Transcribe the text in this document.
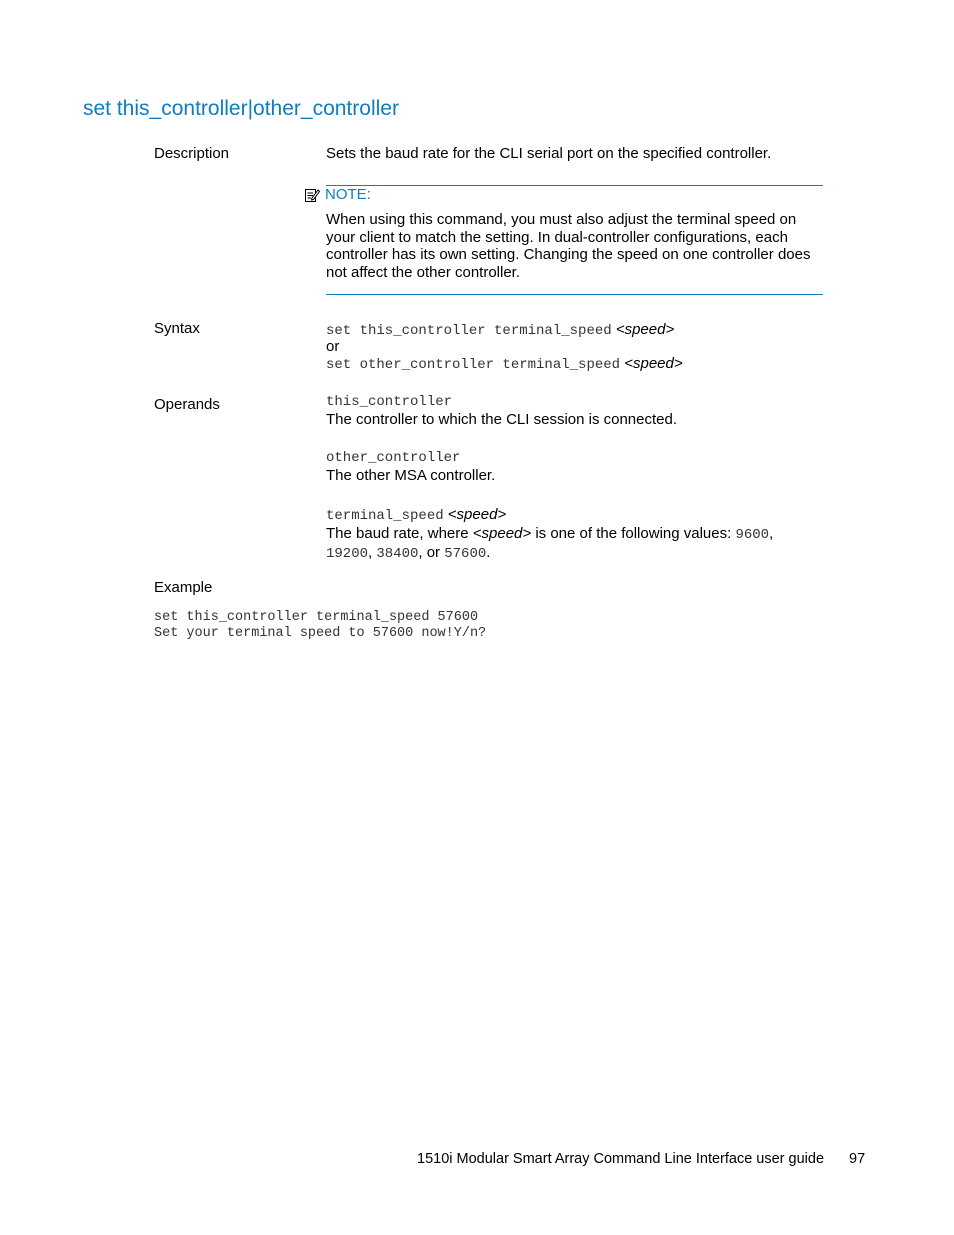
set this_controller|other_controller
Description	Sets the baud rate for the CLI serial port on the specified controller.
NOTE:
When using this command, you must also adjust the terminal speed on your client to match the setting. In dual-controller configurations, each controller has its own setting. Changing the speed on one controller does not affect the other controller.
Syntax	set this_controller terminal_speed <speed>
or
set other_controller terminal_speed <speed>
Operands	this_controller
The controller to which the CLI session is connected.
other_controller
The other MSA controller.
terminal_speed <speed>
The baud rate, where <speed> is one of the following values: 9600,
19200, 38400, or 57600.
Example
set this_controller terminal_speed 57600
Set your terminal speed to 57600 now!Y/n?
1510i Modular Smart Array Command Line Interface user guide 97
